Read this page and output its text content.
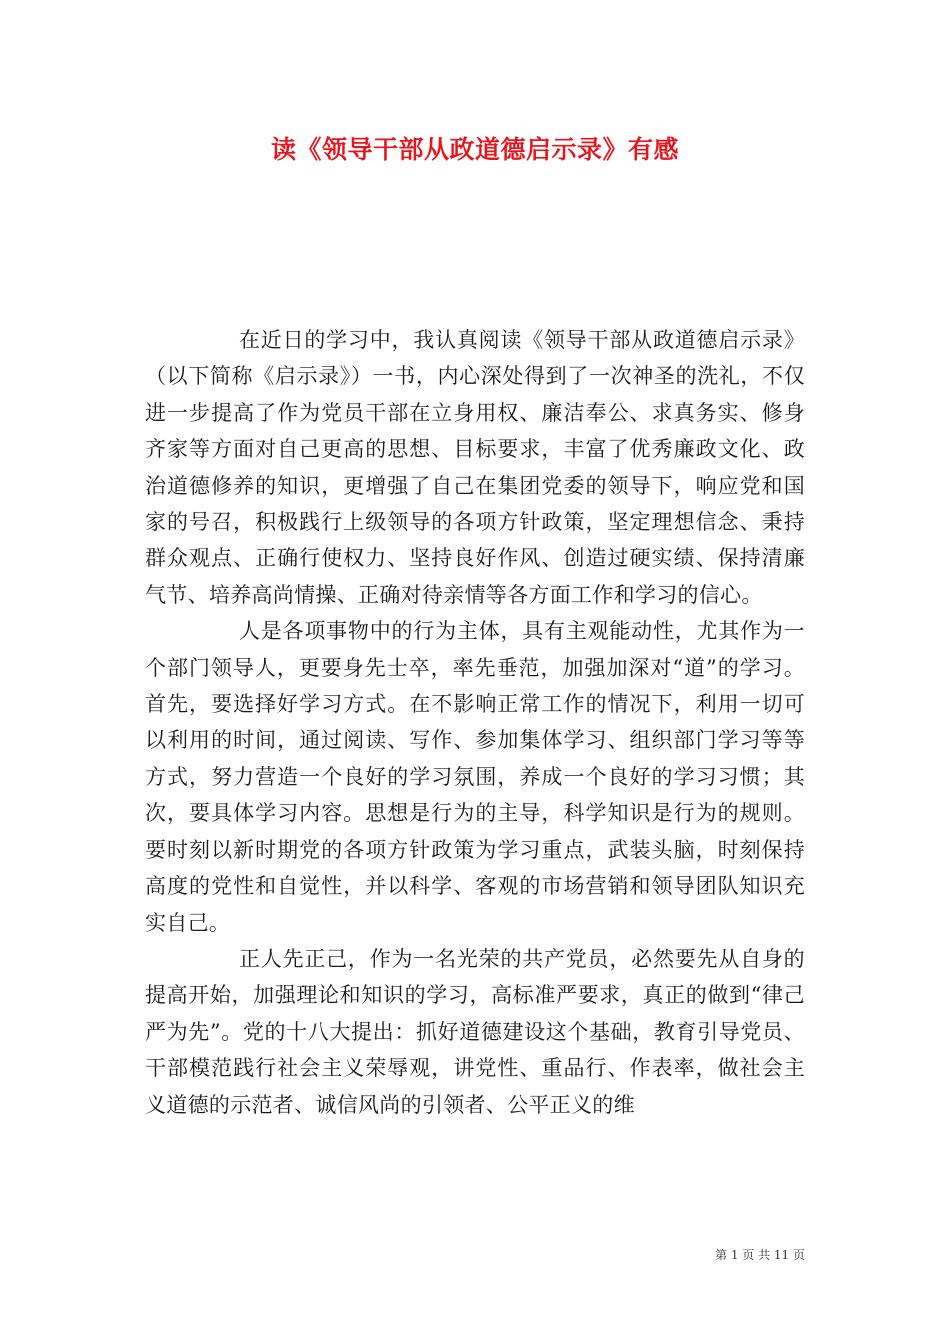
读《领导干部从政道德启示录》有感

在近日的学习中，我认真阅读《领导干部从政道德启示录》（以下简称《启示录》）一书，内心深处得到了一次神圣的洗礼，不仅进一步提高了作为党员干部在立身用权、廉洁奉公、求真务实、修身齐家等方面对自己更高的思想、目标要求，丰富了优秀廉政文化、政治道德修养的知识，更增强了自己在集团党委的领导下，响应党和国家的号召，积极践行上级领导的各项方针政策，坚定理想信念、秉持群众观点、正确行使权力、坚持良好作风、创造过硬实绩、保持清廉气节、培养高尚情操、正确对待亲情等各方面工作和学习的信心。

人是各项事物中的行为主体，具有主观能动性，尤其作为一个部门领导人，更要身先士卒，率先垂范，加强加深对“道”的学习。首先，要选择好学习方式。在不影响正常工作的情况下，利用一切可以利用的时间，通过阅读、写作、参加集体学习、组织部门学习等等方式，努力营造一个良好的学习氛围，养成一个良好的学习习惯；其次，要具体学习内容。思想是行为的主导，科学知识是行为的规则。要时刻以新时期党的各项方针政策为学习重点，武装头脑，时刻保持高度的党性和自觉性，并以科学、客观的市场营销和领导团队知识充实自己。

正人先正己，作为一名光荣的共产党员，必然要先从自身的提高开始，加强理论和知识的学习，高标准严要求，真正的做到“律己严为先”。党的十八大提出：抓好道德建设这个基础，教育引导党员、干部模范践行社会主义荣辱观，讲党性、重品行、作表率，做社会主义道德的示范者、诚信风尚的引领者、公平正义的维

第 1 页 共 11 页
